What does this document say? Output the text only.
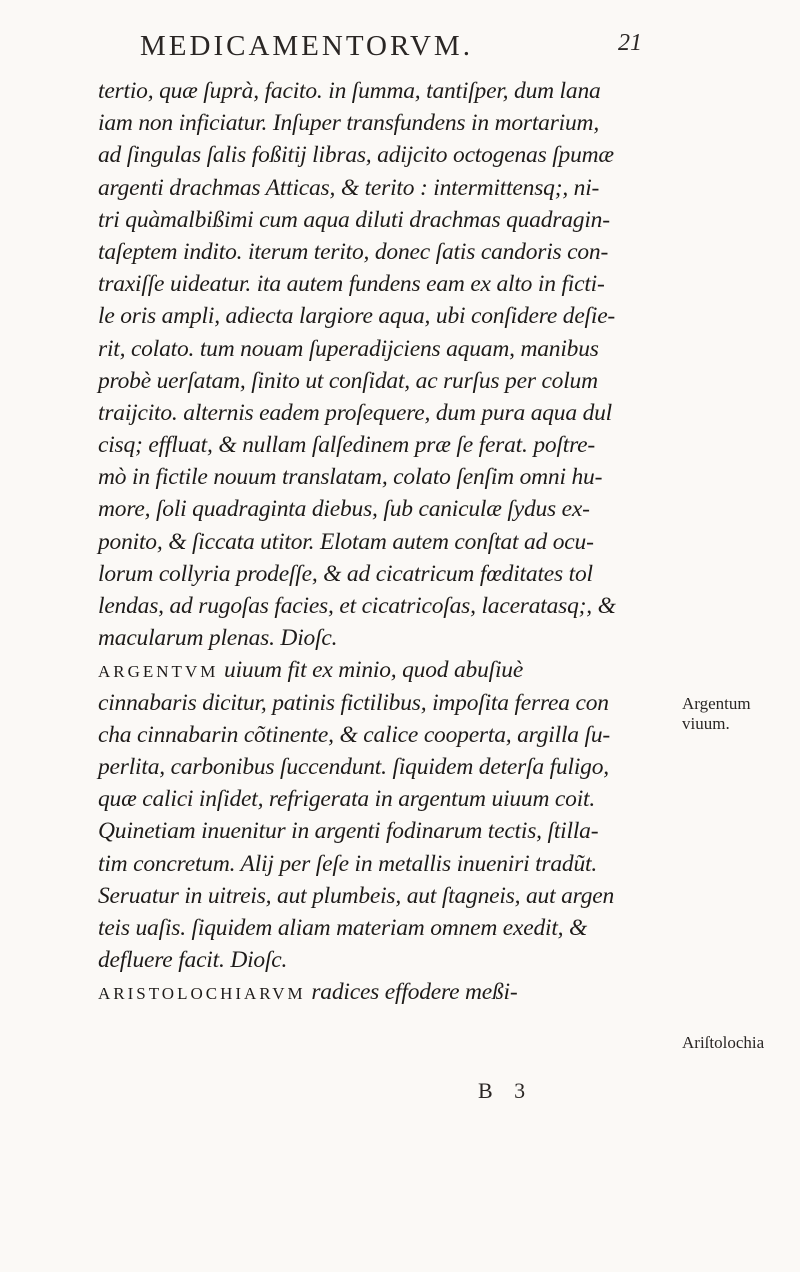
MEDICAMENTORVM.	21
tertio, quæ ſuprà, facito. in ſumma, tantiſper, dum lana
iam non inficiatur. Inſuper transfundens in mortarium,
ad ſingulas ſalis foßitij libras, adijcito octogenas ſpumæ
argenti drachmas Atticas, & terito : intermittensq;, ni-
tri quàmalbißimi cum aqua diluti drachmas quadragin-
taſeptem indito. iterum terito, donec ſatis candoris con-
traxiſſe uideatur. ita autem fundens eam ex alto in ficti-
le oris ampli, adiecta largiore aqua, ubi conſidere deſie-
rit, colato. tum nouam ſuperadijciens aquam, manibus
probè uerſatam, ſinito ut conſidat, ac rurſus per colum
traijcito. alternis eadem proſequere, dum pura aqua dul
cisq; effluat, & nullam ſalſedinem præ ſe ferat. poſtre-
mò in fictile nouum translatam, colato ſenſim omni hu-
more, ſoli quadraginta diebus, ſub caniculæ ſydus ex-
ponito, & ſiccata utitor. Elotam autem conſtat ad ocu-
lorum collyria prodeſſe, & ad cicatricum fœditates tol
lendas, ad rugoſas facies, et cicatricoſas, laceratasq;, &
macularum plenas. Dioſc.
ARGENTVM uiuum fit ex minio, quod abuſiuè
cinnabaris dicitur, patinis fictilibus, impoſita ferrea con
cha cinnabarin cõtinente, & calice cooperta, argilla ſu-
perlita, carbonibus ſuccendunt. ſiquidem deterſa fuligo,
quæ calici inſidet, refrigerata in argentum uiuum coit.
Quinetiam inuenitur in argenti fodinarum tectis, ſtilla-
tim concretum. Alij per ſeſe in metallis inueniri tradũt.
Seruatur in uitreis, aut plumbeis, aut ſtagneis, aut argen
teis uaſis. ſiquidem aliam materiam omnem exedit, &
defluere facit. Dioſc.
ARISTOLOCHIARVM radices effodere meßi-
Argentum
viuum.
Ariſtolochia
B 3
